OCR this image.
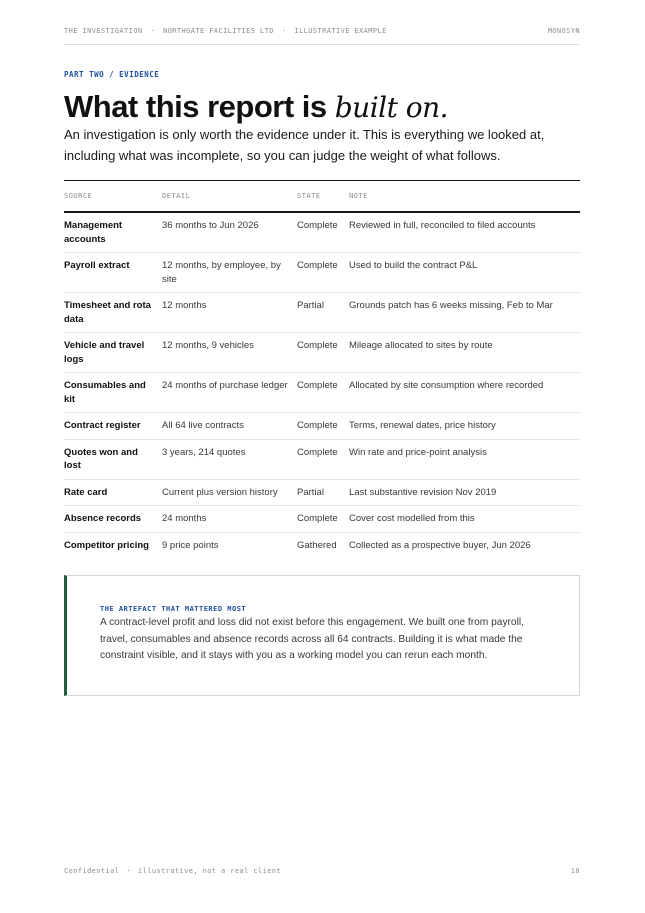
THE INVESTIGATION · NORTHGATE FACILITIES LTD · ILLUSTRATIVE EXAMPLE	MONOSYN
PART TWO / EVIDENCE
What this report is built on.

An investigation is only worth the evidence under it. This is everything we looked at, including what was incomplete, so you can judge the weight of what follows.

SOURCE	DETAIL	STATE	NOTE
Management accounts	36 months to Jun 2026	Complete	Reviewed in full, reconciled to filed accounts
Payroll extract	12 months, by employee, by site	Complete	Used to build the contract P&L
Timesheet and rota data	12 months	Partial	Grounds patch has 6 weeks missing, Feb to Mar
Vehicle and travel logs	12 months, 9 vehicles	Complete	Mileage allocated to sites by route
Consumables and kit	24 months of purchase ledger	Complete	Allocated by site consumption where recorded
Contract register	All 64 live contracts	Complete	Terms, renewal dates, price history
Quotes won and lost	3 years, 214 quotes	Complete	Win rate and price-point analysis
Rate card	Current plus version history	Partial	Last substantive revision Nov 2019
Absence records	24 months	Complete	Cover cost modelled from this
Competitor pricing	9 price points	Gathered	Collected as a prospective buyer, Jun 2026
THE ARTEFACT THAT MATTERED MOST

A contract-level profit and loss did not exist before this engagement. We built one from payroll, travel, consumables and absence records across all 64 contracts. Building it is what made the constraint visible, and it stays with you as a working model you can rerun each month.

Confidential · illustrative, not a real client	10
